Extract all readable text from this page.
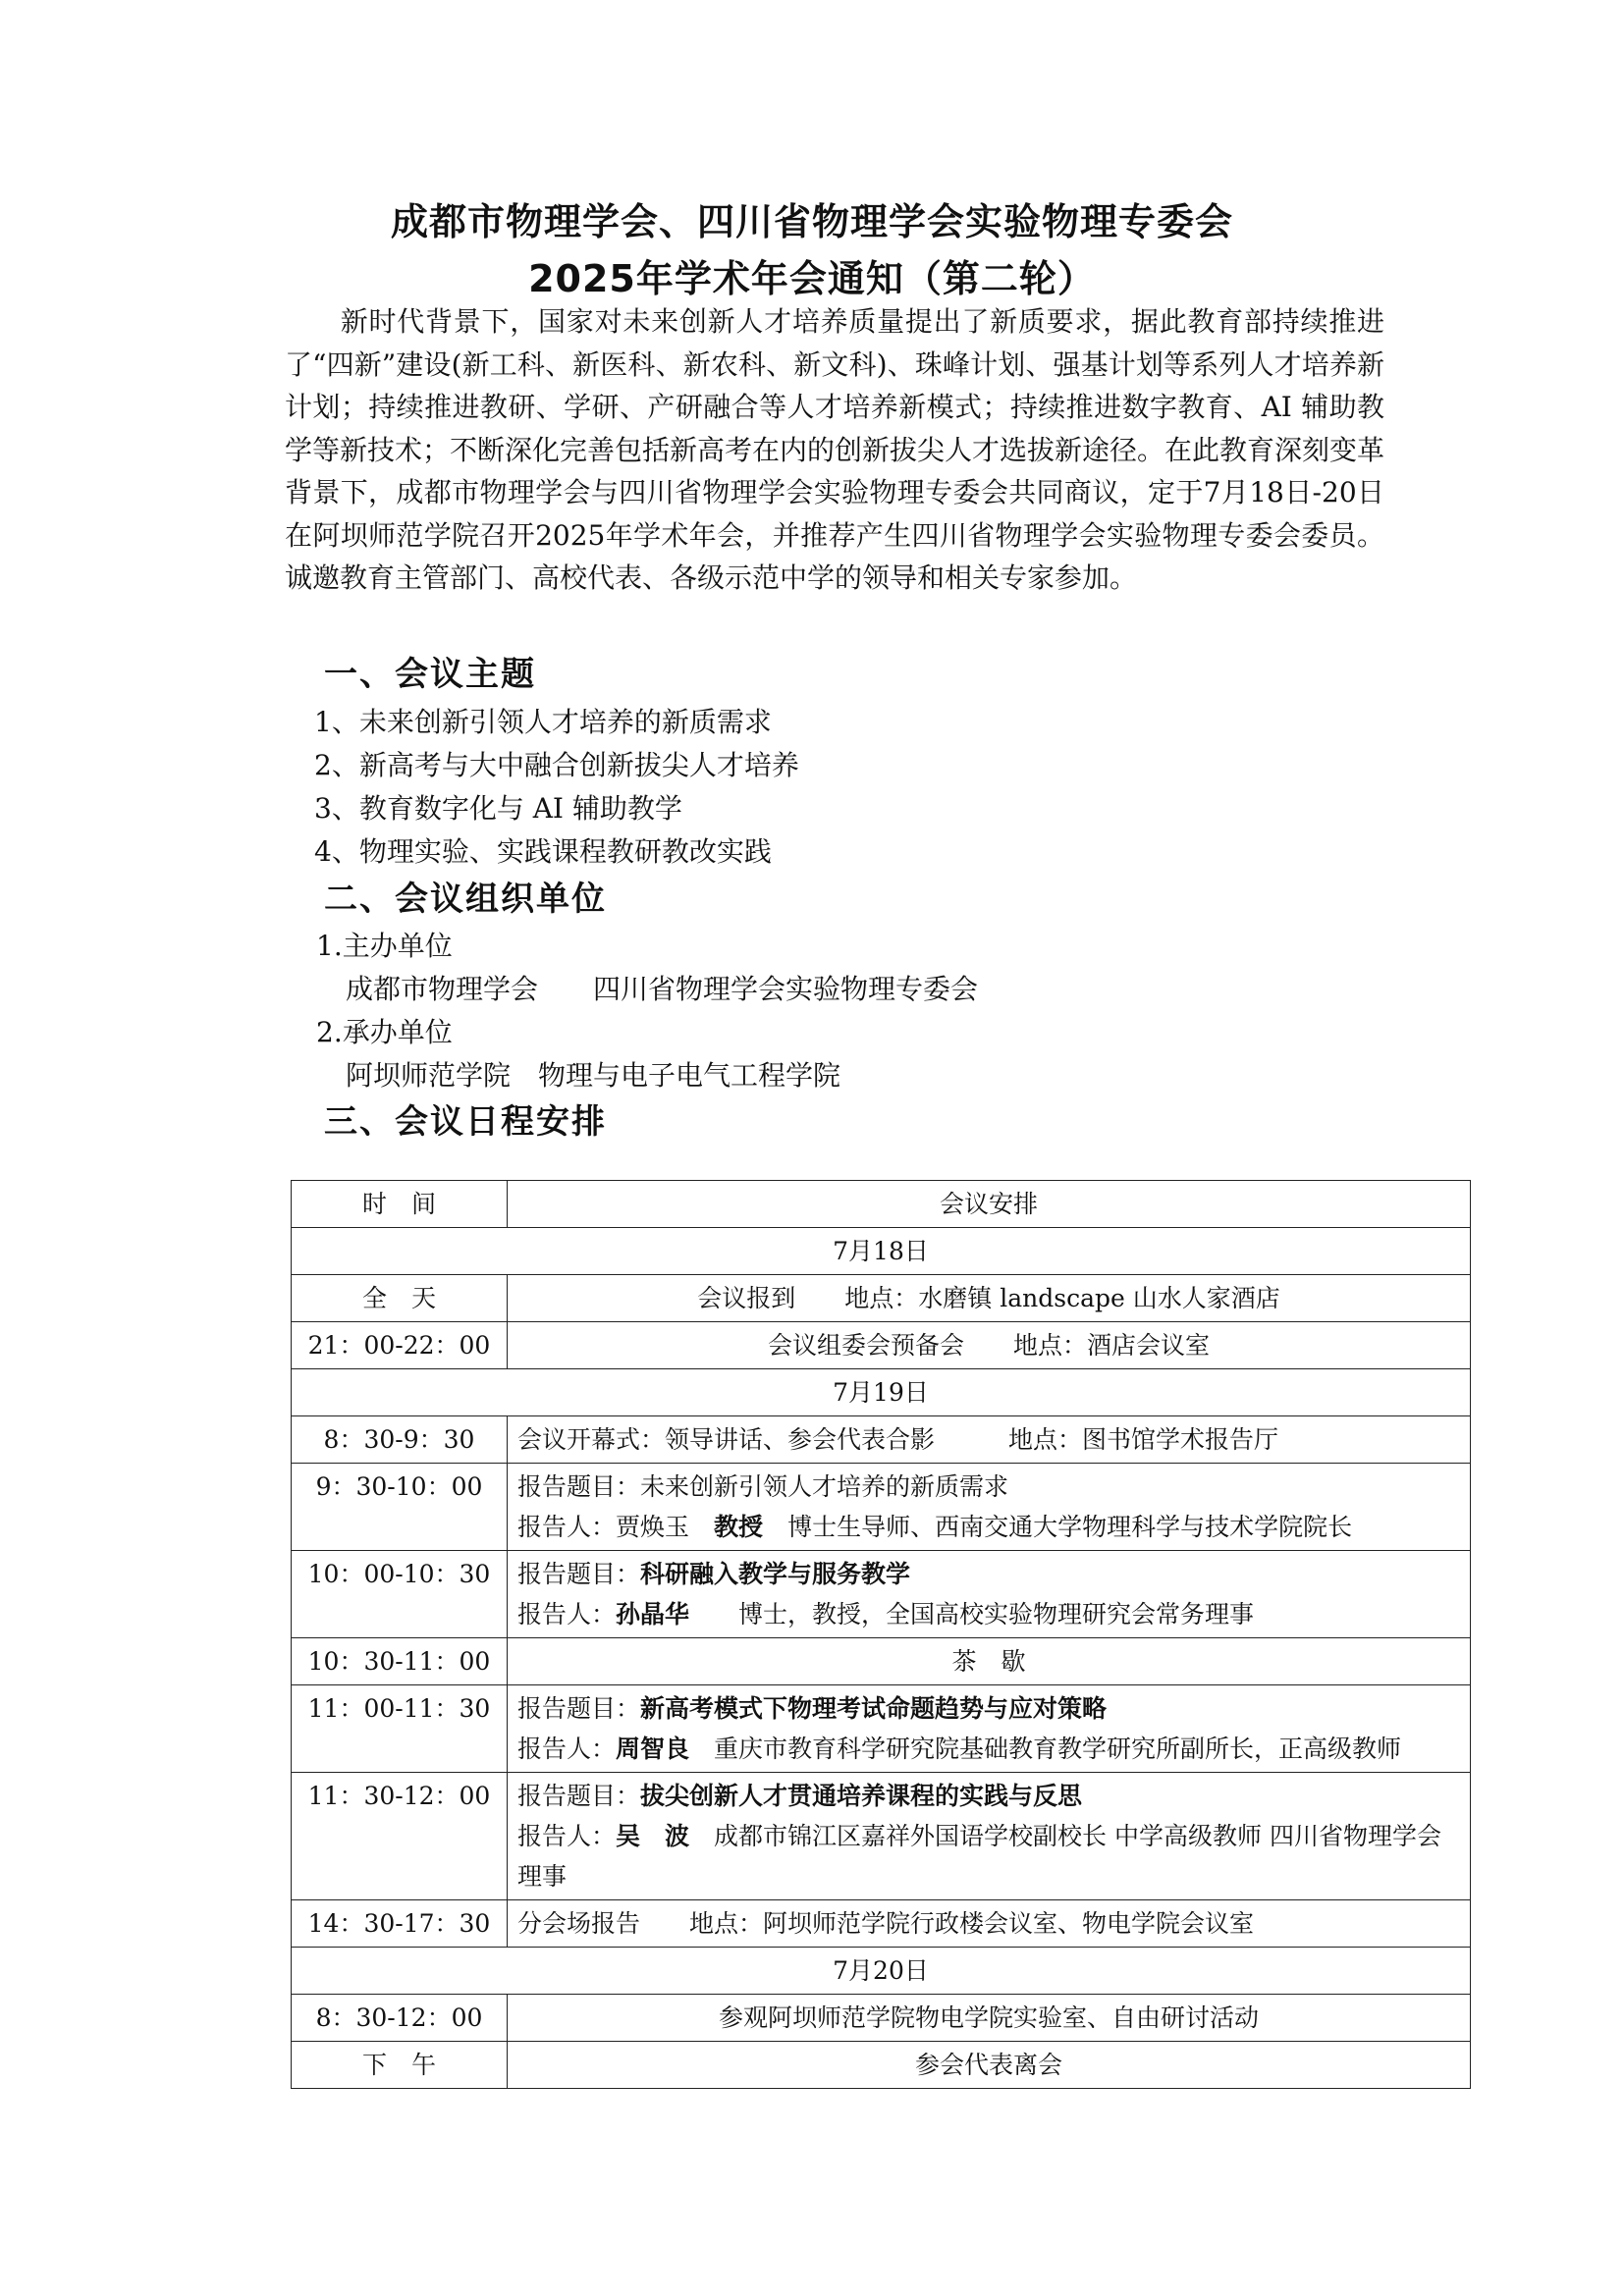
成都市物理学会、四川省物理学会实验物理专委会
2025年学术年会通知（第二轮）

新时代背景下，国家对未来创新人才培养质量提出了新质要求，据此教育部持续推进了“四新”建设(新工科、新医科、新农科、新文科)、珠峰计划、强基计划等系列人才培养新计划；持续推进教研、学研、产研融合等人才培养新模式；持续推进数字教育、AI 辅助教学等新技术；不断深化完善包括新高考在内的创新拔尖人才选拔新途径。在此教育深刻变革背景下，成都市物理学会与四川省物理学会实验物理专委会共同商议，定于7月18日-20日在阿坝师范学院召开2025年学术年会，并推荐产生四川省物理学会实验物理专委会委员。诚邀教育主管部门、高校代表、各级示范中学的领导和相关专家参加。

一、会议主题
1、未来创新引领人才培养的新质需求
2、新高考与大中融合创新拔尖人才培养
3、教育数字化与 AI 辅助教学
4、物理实验、实践课程教研教改实践
二、会议组织单位
1.主办单位
成都市物理学会　　四川省物理学会实验物理专委会
2.承办单位
阿坝师范学院　物理与电子电气工程学院
三、会议日程安排
时　间	会议安排
7月18日	
全　天	会议报到　　地点：水磨镇 landscape 山水人家酒店
21：00-22：00	会议组委会预备会　　地点：酒店会议室
7月19日	
8：30-9：30	会议开幕式：领导讲话、参会代表合影　　　地点：图书馆学术报告厅
9：30-10：00	报告题目：未来创新引领人才培养的新质需求
报告人：贾焕玉　 教授　 博士生导师、西南交通大学物理科学与技术学院院长

10：00-10：30	报告题目：科研融入教学与服务教学
报告人：孙晶华　　 博士，教授，全国高校实验物理研究会常务理事

10：30-11：00	茶　歇
11：00-11：30	报告题目：新高考模式下物理考试命题趋势与应对策略
报告人：周智良　 重庆市教育科学研究院基础教育教学研究所副所长，正高级教师

11：30-12：00	报告题目：拔尖创新人才贯通培养课程的实践与反思
报告人：吴　波　 成都市锦江区嘉祥外国语学校副校长 中学高级教师 四川省物理学会理事

14：30-17：30	分会场报告　　地点：阿坝师范学院行政楼会议室、物电学院会议室
7月20日	
8：30-12：00	参观阿坝师范学院物电学院实验室、自由研讨活动
下　午	参会代表离会
